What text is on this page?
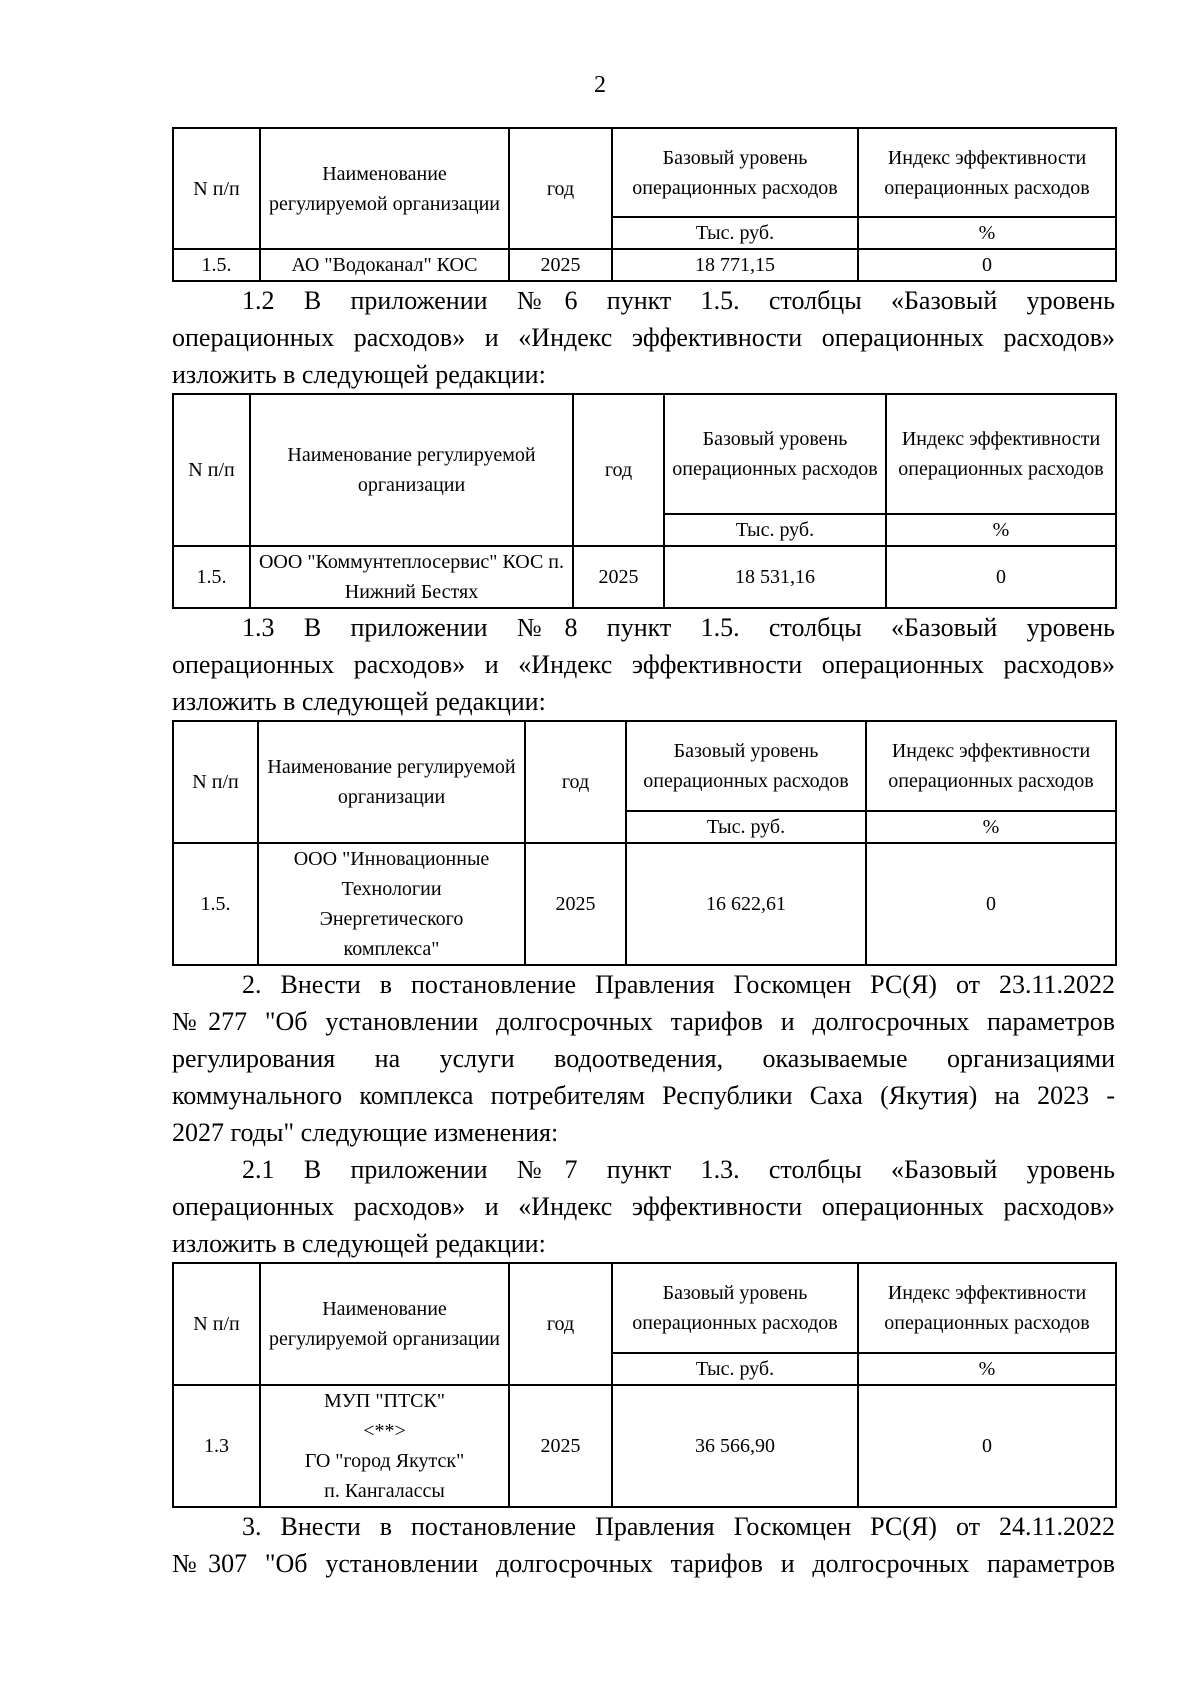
2
N п/п	Наименование регулируемой организации	год	Базовый уровень операционных расходов	Индекс эффективности операционных расходов
			Тыс. руб.	%
1.5.	АО "Водоканал" КОС	2025	18 771,15	0

1.2 В приложении №6 пункт 1.5. столбцы «Базовый уровень
операционных расходов» и «Индекс эффективности операционных расходов»
изложить в следующей редакции:

N п/п	Наименование регулируемой организации	год	Базовый уровень операционных расходов	Индекс эффективности операционных расходов
			Тыс. руб.	%
1.5.	ООО "Коммунтеплосервис" КОС п. Нижний Бестях	2025	18 531,16	0

1.3 В приложении №8 пункт 1.5. столбцы «Базовый уровень
операционных расходов» и «Индекс эффективности операционных расходов»
изложить в следующей редакции:

N п/п	Наименование регулируемой организации	год	Базовый уровень операционных расходов	Индекс эффективности операционных расходов
			Тыс. руб.	%
1.5.	ООО "Инновационные Технологии Энергетического комплекса"	2025	16 622,61	0

2. Внести в постановление Правления Госкомцен РС(Я) от 23.11.2022
№277 "Об установлении долгосрочных тарифов и долгосрочных параметров
регулирования на услуги водоотведения, оказываемые организациями
коммунального комплекса потребителям Республики Саха (Якутия) на 2023 -
2027 годы" следующие изменения:

2.1 В приложении №7 пункт 1.3. столбцы «Базовый уровень
операционных расходов» и «Индекс эффективности операционных расходов»
изложить в следующей редакции:

N п/п	Наименование регулируемой организации	год	Базовый уровень операционных расходов	Индекс эффективности операционных расходов
			Тыс. руб.	%
1.3	МУП "ПТСК"
<**>
ГО "город Якутск"
п. Кангалассы	2025	36 566,90	0

3. Внести в постановление Правления Госкомцен РС(Я) от 24.11.2022
№307 "Об установлении долгосрочных тарифов и долгосрочных параметров
